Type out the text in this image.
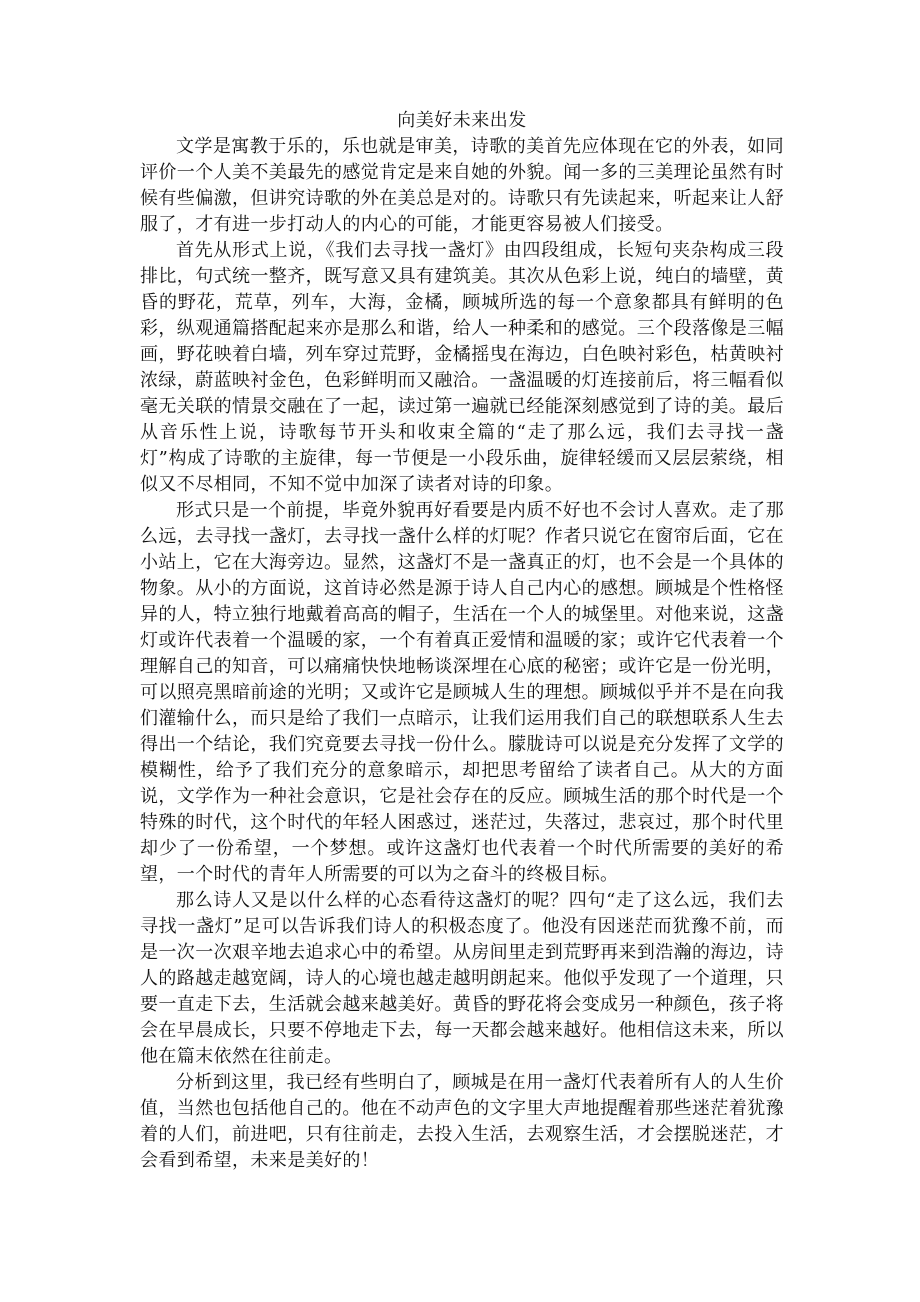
向美好未来出发

文学是寓教于乐的，乐也就是审美，诗歌的美首先应体现在它的外表，如同评价一个人美不美最先的感觉肯定是来自她的外貌。闻一多的三美理论虽然有时候有些偏激，但讲究诗歌的外在美总是对的。诗歌只有先读起来，听起来让人舒服了，才有进一步打动人的内心的可能，才能更容易被人们接受。

首先从形式上说，《我们去寻找一盏灯》由四段组成，长短句夹杂构成三段排比，句式统一整齐，既写意又具有建筑美。其次从色彩上说，纯白的墙壁，黄昏的野花，荒草，列车，大海，金橘，顾城所选的每一个意象都具有鲜明的色彩，纵观通篇搭配起来亦是那么和谐，给人一种柔和的感觉。三个段落像是三幅画，野花映着白墙，列车穿过荒野，金橘摇曳在海边，白色映衬彩色，枯黄映衬浓绿，蔚蓝映衬金色，色彩鲜明而又融洽。一盏温暖的灯连接前后，将三幅看似毫无关联的情景交融在了一起，读过第一遍就已经能深刻感觉到了诗的美。最后从音乐性上说，诗歌每节开头和收束全篇的“走了那么远，我们去寻找一盏灯”构成了诗歌的主旋律，每一节便是一小段乐曲，旋律轻缓而又层层萦绕，相似又不尽相同，不知不觉中加深了读者对诗的印象。

形式只是一个前提，毕竟外貌再好看要是内质不好也不会讨人喜欢。走了那么远，去寻找一盏灯，去寻找一盏什么样的灯呢？作者只说它在窗帘后面，它在小站上，它在大海旁边。显然，这盏灯不是一盏真正的灯，也不会是一个具体的物象。从小的方面说，这首诗必然是源于诗人自己内心的感想。顾城是个性格怪异的人，特立独行地戴着高高的帽子，生活在一个人的城堡里。对他来说，这盏灯或许代表着一个温暖的家，一个有着真正爱情和温暖的家；或许它代表着一个理解自己的知音，可以痛痛快快地畅谈深埋在心底的秘密；或许它是一份光明，可以照亮黑暗前途的光明；又或许它是顾城人生的理想。顾城似乎并不是在向我们灌输什么，而只是给了我们一点暗示，让我们运用我们自己的联想联系人生去得出一个结论，我们究竟要去寻找一份什么。朦胧诗可以说是充分发挥了文学的模糊性，给予了我们充分的意象暗示，却把思考留给了读者自己。从大的方面说，文学作为一种社会意识，它是社会存在的反应。顾城生活的那个时代是一个特殊的时代，这个时代的年轻人困惑过，迷茫过，失落过，悲哀过，那个时代里却少了一份希望，一个梦想。或许这盏灯也代表着一个时代所需要的美好的希望，一个时代的青年人所需要的可以为之奋斗的终极目标。

那么诗人又是以什么样的心态看待这盏灯的呢？四句“走了这么远，我们去寻找一盏灯”足可以告诉我们诗人的积极态度了。他没有因迷茫而犹豫不前，而是一次一次艰辛地去追求心中的希望。从房间里走到荒野再来到浩瀚的海边，诗人的路越走越宽阔，诗人的心境也越走越明朗起来。他似乎发现了一个道理，只要一直走下去，生活就会越来越美好。黄昏的野花将会变成另一种颜色，孩子将会在早晨成长，只要不停地走下去，每一天都会越来越好。他相信这未来，所以他在篇末依然在往前走。

分析到这里，我已经有些明白了，顾城是在用一盏灯代表着所有人的人生价值，当然也包括他自己的。他在不动声色的文字里大声地提醒着那些迷茫着犹豫着的人们，前进吧，只有往前走，去投入生活，去观察生活，才会摆脱迷茫，才会看到希望，未来是美好的！
